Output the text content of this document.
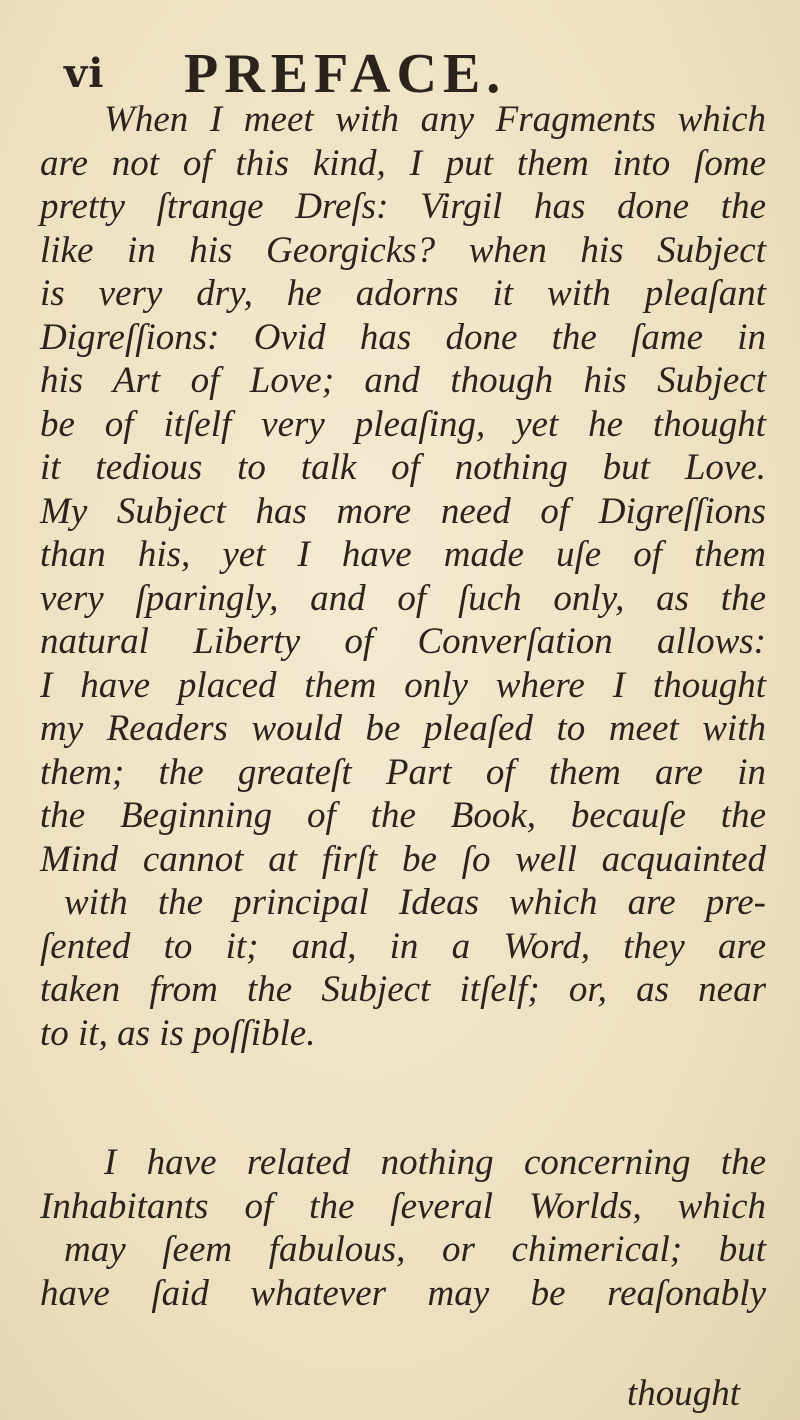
vi PREFACE.
When I meet with any Fragments which
are not of this kind, I put them into ſome
pretty ſtrange Dreſs: Virgil has done the
like in his Georgicks? when his Subject
is very dry, he adorns it with pleaſant
Digreſſions: Ovid has done the ſame in
his Art of Love; and though his Subject
be of itſelf very pleaſing, yet he thought
it tedious to talk of nothing but Love.
My Subject has more need of Digreſſions
than his, yet I have made uſe of them
very ſparingly, and of ſuch only, as the
natural Liberty of Converſation allows:
I have placed them only where I thought
my Readers would be pleaſed to meet with
them; the greateſt Part of them are in
the Beginning of the Book, becauſe the
Mind cannot at firſt be ſo well acquainted
with the principal Ideas which are pre-
ſented to it; and, in a Word, they are
taken from the Subject itſelf; or, as near
to it, as is poſſible.
I have related nothing concerning the
Inhabitants of the ſeveral Worlds, which
may ſeem fabulous, or chimerical; but
have ſaid whatever may be reaſonably
thought
